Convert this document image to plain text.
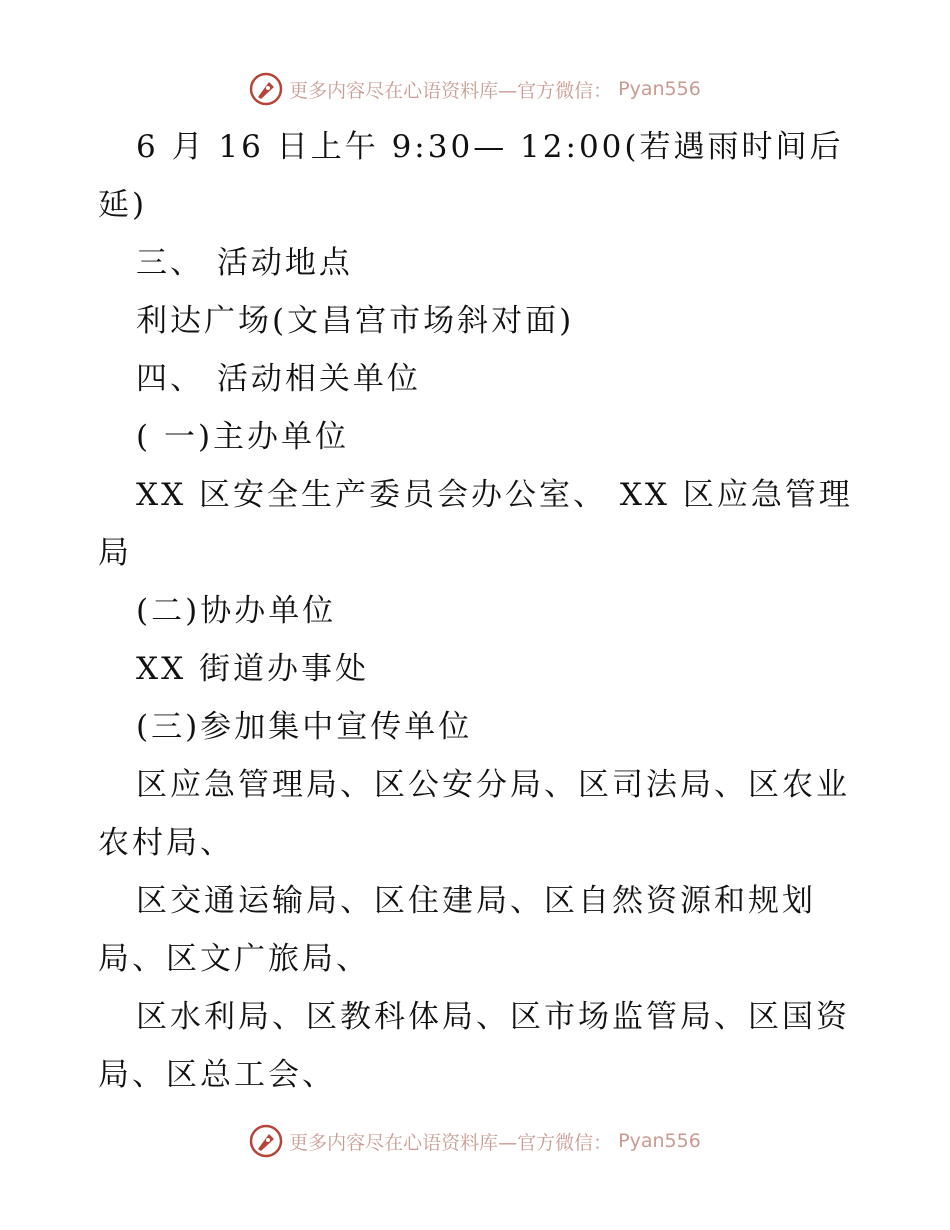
更多内容尽在心语资料库—官方微信： Pyan556
6 月 16 日上午 9:30— 12:00(若遇雨时间后
延)
三、 活动地点
利达广场(文昌宫市场斜对面)
四、 活动相关单位
( 一)主办单位
XX 区安全生产委员会办公室、 XX 区应急管理
局
(二)协办单位
XX 街道办事处
(三)参加集中宣传单位
区应急管理局、区公安分局、区司法局、区农业
农村局、
区交通运输局、区住建局、区自然资源和规划
局、区文广旅局、
区水利局、区教科体局、区市场监管局、区国资
局、区总工会、
更多内容尽在心语资料库—官方微信： Pyan556
